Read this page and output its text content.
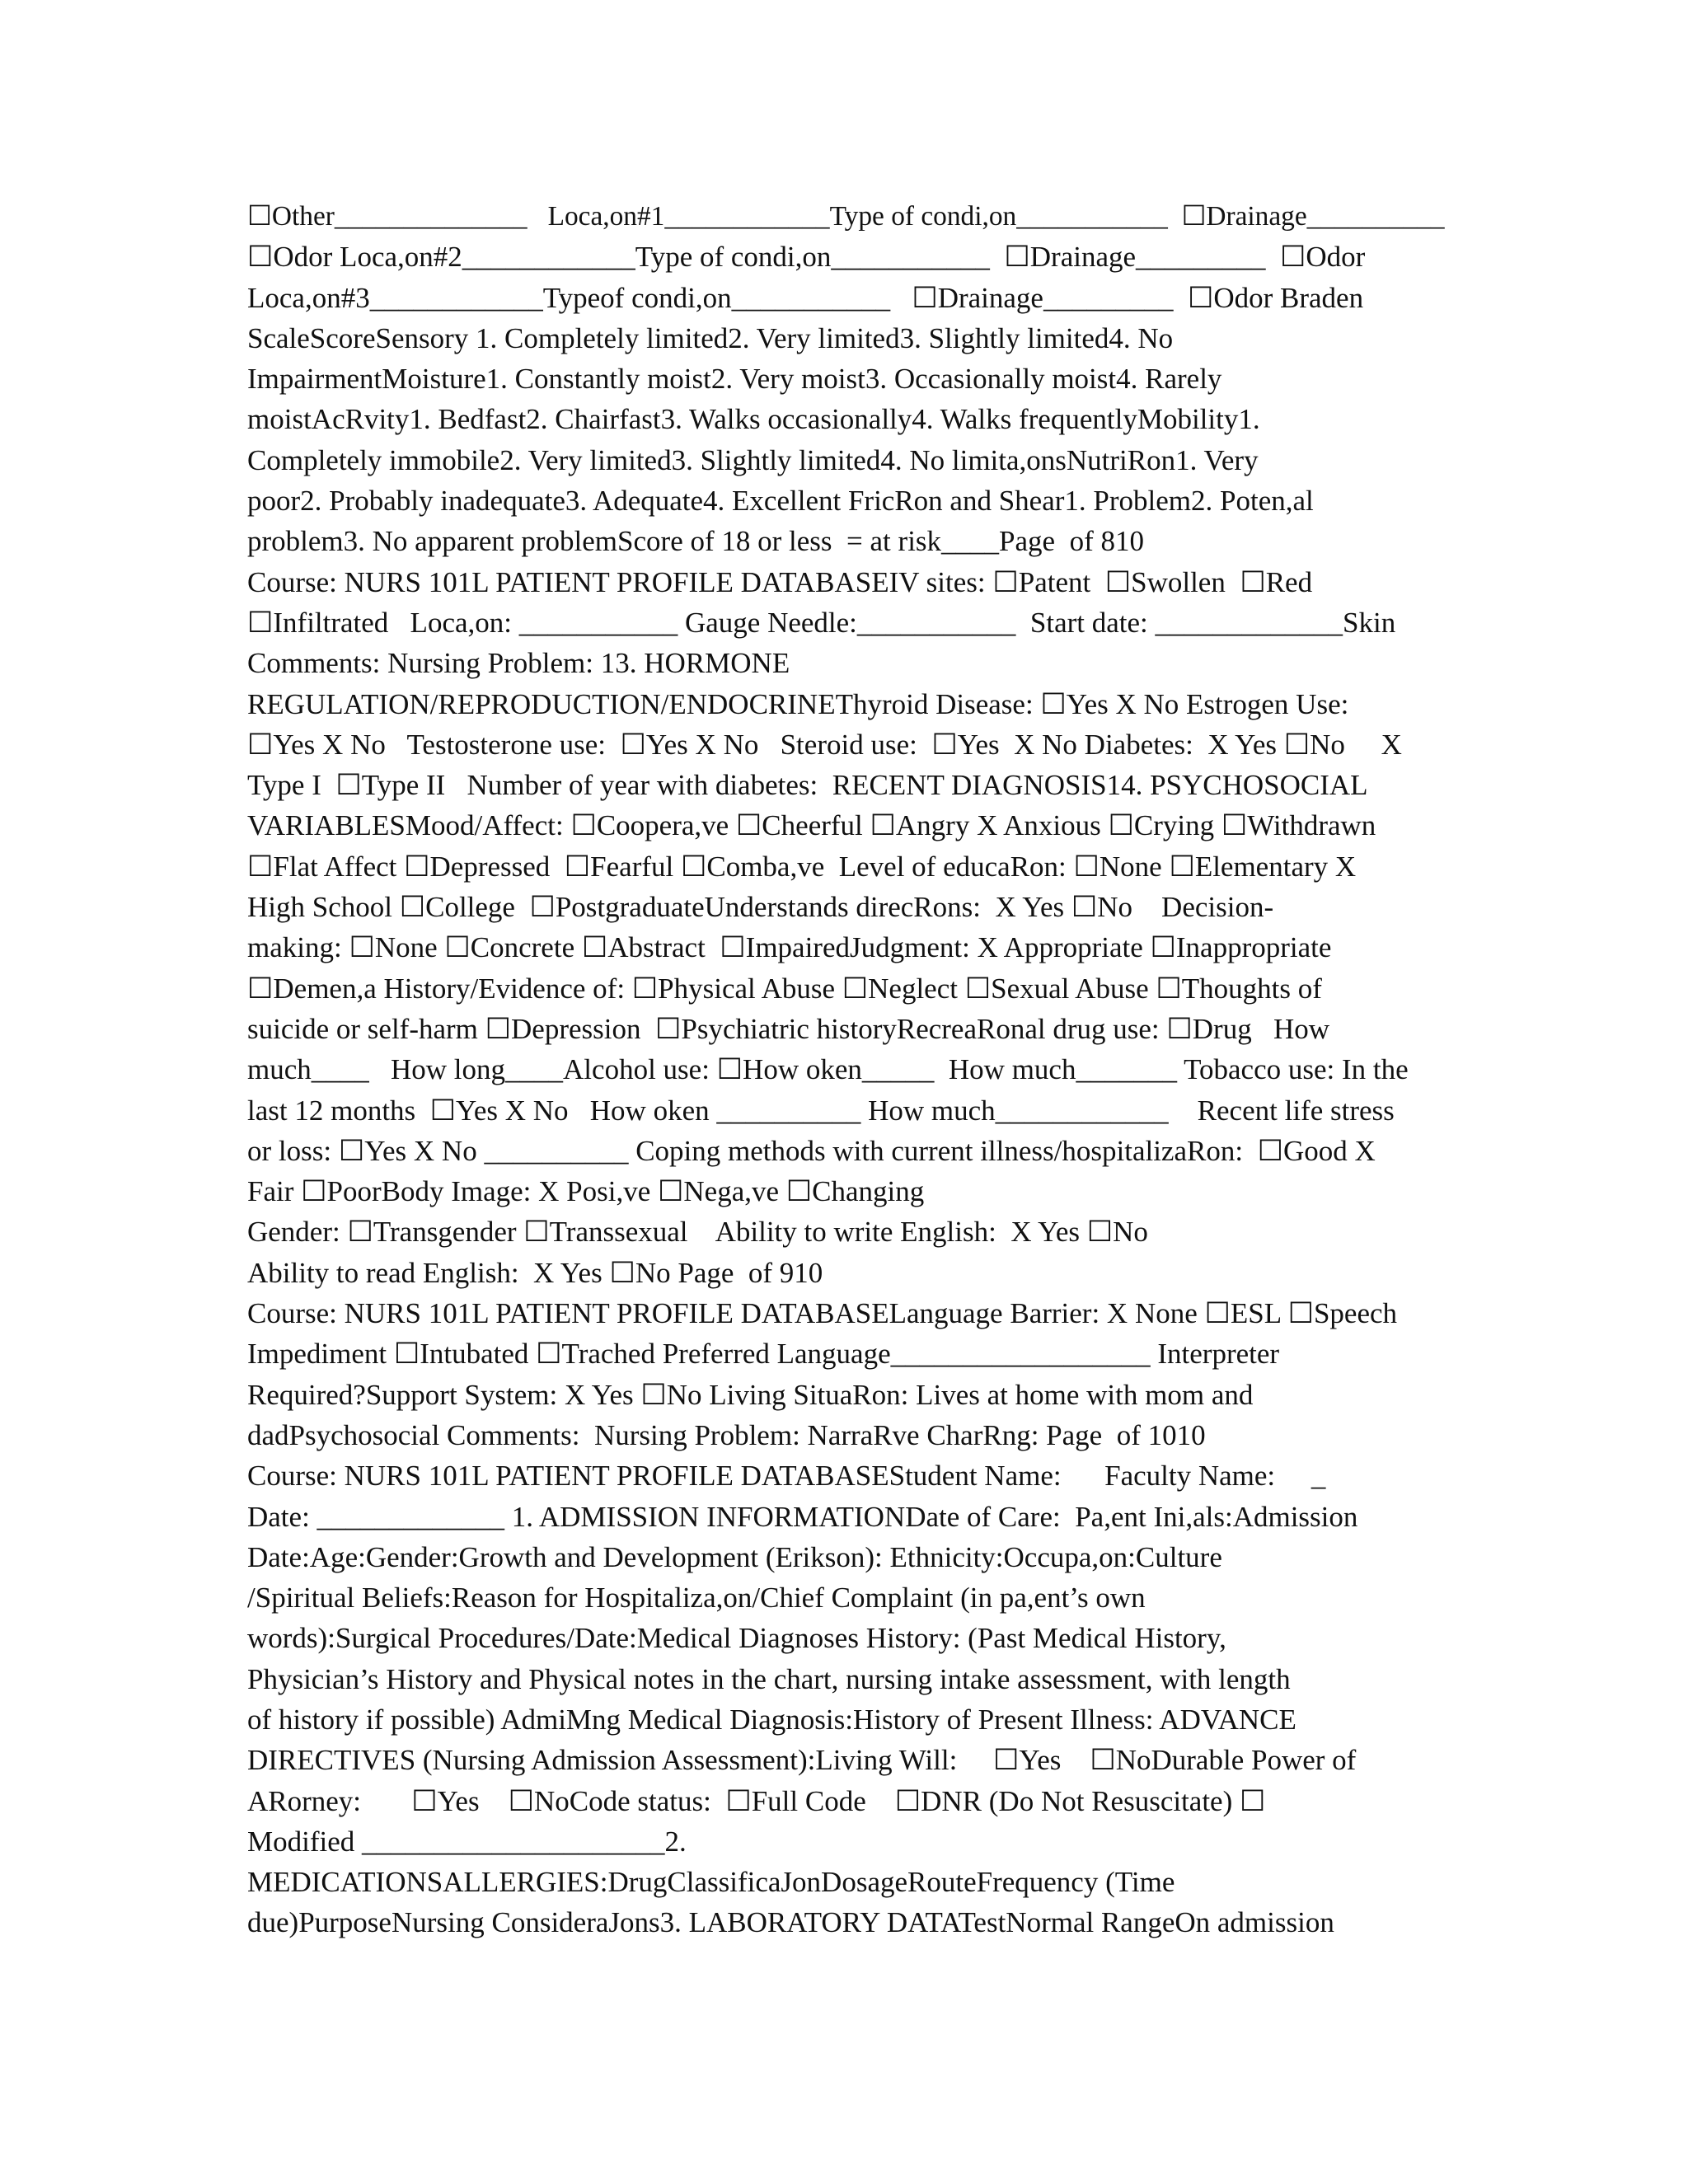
☐Other______________   Loca,on#1____________Type of condi,on___________  ☐Drainage__________
☐Odor Loca,on#2____________Type of condi,on___________  ☐Drainage_________  ☐Odor
Loca,on#3____________Typeof condi,on___________   ☐Drainage_________  ☐Odor Braden
ScaleScoreSensory 1. Completely limited2. Very limited3. Slightly limited4. No
ImpairmentMoisture1. Constantly moist2. Very moist3. Occasionally moist4. Rarely
moistAcRvity1. Bedfast2. Chairfast3. Walks occasionally4. Walks frequentlyMobility1.
Completely immobile2. Very limited3. Slightly limited4. No limita,onsNutriRon1. Very
poor2. Probably inadequate3. Adequate4. Excellent FricRon and Shear1. Problem2. Poten,al
problem3. No apparent problemScore of 18 or less  = at risk____Page  of 810
Course: NURS 101L PATIENT PROFILE DATABASEIV sites: ☐Patent  ☐Swollen  ☐Red
☐Infiltrated   Loca,on: ___________ Gauge Needle:___________  Start date: _____________Skin
Comments: Nursing Problem: 13. HORMONE
REGULATION/REPRODUCTION/ENDOCRINEThyroid Disease: ☐Yes X No Estrogen Use:
☐Yes X No   Testosterone use:  ☐Yes X No   Steroid use:  ☐Yes  X No Diabetes:  X Yes ☐No     X
Type I  ☐Type II   Number of year with diabetes:  RECENT DIAGNOSIS14. PSYCHOSOCIAL
VARIABLESMood/Affect: ☐Coopera,ve ☐Cheerful ☐Angry X Anxious ☐Crying ☐Withdrawn
☐Flat Affect ☐Depressed  ☐Fearful ☐Comba,ve  Level of educaRon: ☐None ☐Elementary X
High School ☐College  ☐PostgraduateUnderstands direcRons:  X Yes ☐No    Decision-
making: ☐None ☐Concrete ☐Abstract  ☐ImpairedJudgment: X Appropriate ☐Inappropriate
☐Demen,a History/Evidence of: ☐Physical Abuse ☐Neglect ☐Sexual Abuse ☐Thoughts of
suicide or self-harm ☐Depression  ☐Psychiatric historyRecreaRonal drug use: ☐Drug   How
much____   How long____Alcohol use: ☐How oken_____  How much_______ Tobacco use: In the
last 12 months  ☐Yes X No   How oken __________ How much____________    Recent life stress
or loss: ☐Yes X No __________ Coping methods with current illness/hospitalizaRon:  ☐Good X
Fair ☐PoorBody Image: X Posi,ve ☐Nega,ve ☐Changing
Gender: ☐Transgender ☐Transsexual    Ability to write English:  X Yes ☐No
Ability to read English:  X Yes ☐No Page  of 910
Course: NURS 101L PATIENT PROFILE DATABASELanguage Barrier: X None ☐ESL ☐Speech
Impediment ☐Intubated ☐Trached Preferred Language__________________ Interpreter
Required?Support System: X Yes ☐No Living SituaRon: Lives at home with mom and
dadPsychosocial Comments:  Nursing Problem: NarraRve CharRng: Page  of 1010
Course: NURS 101L PATIENT PROFILE DATABASEStudent Name:      Faculty Name:     _
Date: _____________ 1. ADMISSION INFORMATIONDate of Care:  Pa,ent Ini,als:Admission
Date:Age:Gender:Growth and Development (Erikson): Ethnicity:Occupa,on:Culture
/Spiritual Beliefs:Reason for Hospitaliza,on/Chief Complaint (in pa,ent’s own
words):Surgical Procedures/Date:Medical Diagnoses History: (Past Medical History,
Physician’s History and Physical notes in the chart, nursing intake assessment, with length
of history if possible) AdmiMng Medical Diagnosis:History of Present Illness: ADVANCE
DIRECTIVES (Nursing Admission Assessment):Living Will:     ☐Yes    ☐NoDurable Power of
ARorney:       ☐Yes    ☐NoCode status:  ☐Full Code    ☐DNR (Do Not Resuscitate) ☐
Modified _____________________2.
MEDICATIONSALLERGIES:DrugClassificaJonDosageRouteFrequency (Time
due)PurposeNursing ConsideraJons3. LABORATORY DATATestNormal RangeOn admission
